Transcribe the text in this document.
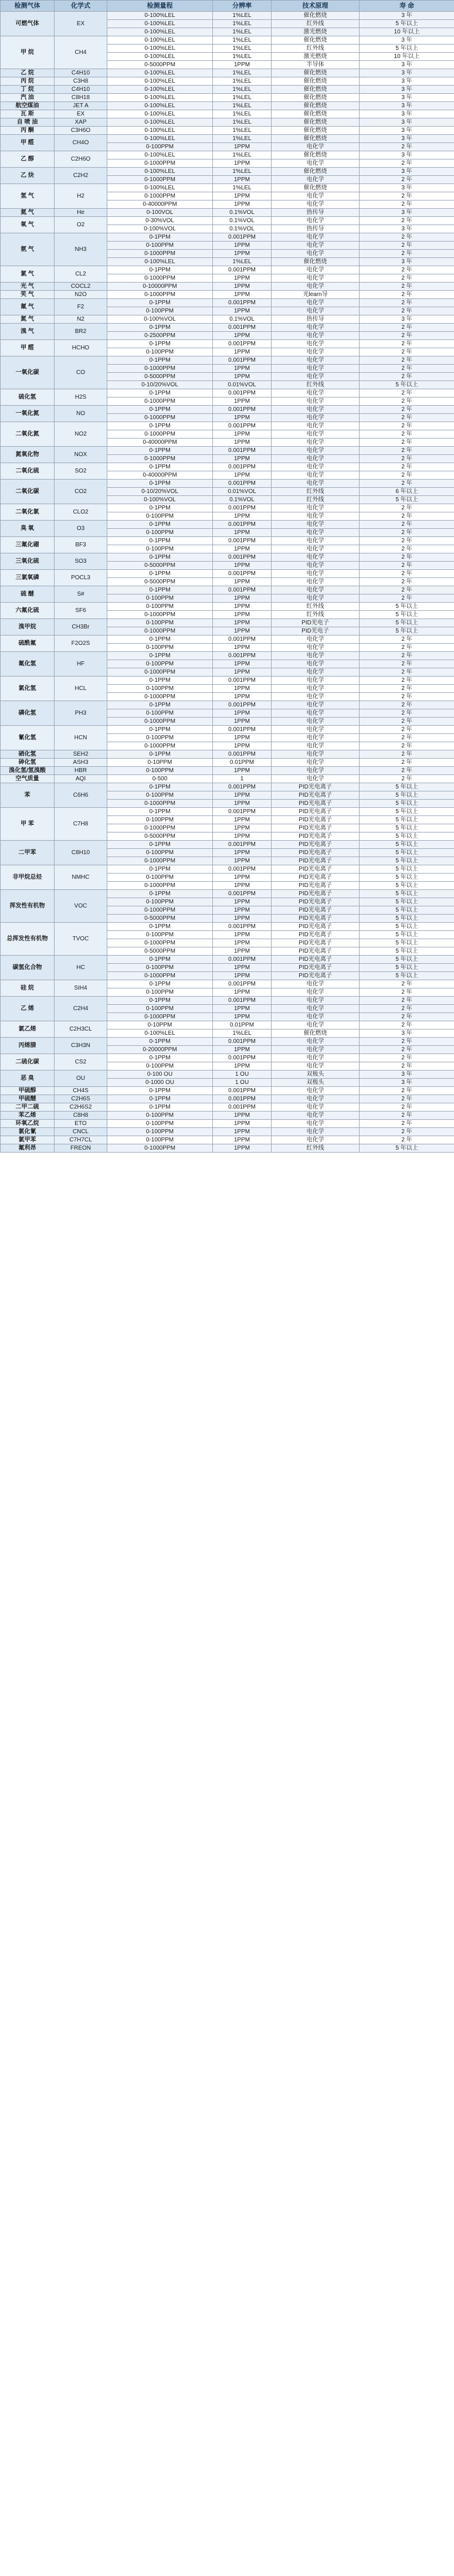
检测气体	化学式	检测量程	分辨率	技术原理	寿 命
可燃气体	EX	0-100%LEL	1%LEL	催化燃烧	3 年
		0-100%LEL	1%LEL	红外线	5 年以上
		0-100%LEL	1%LEL	激光燃烧	10 年以上
甲 烷	CH4	0-100%LEL	1%LEL	催化燃烧	3 年
		0-100%LEL	1%LEL	红外线	5 年以上
		0-100%LEL	1%LEL	激光燃烧	10 年以上
		0-5000PPM	1PPM	半导体	3 年
乙 烷	C4H10	0-100%LEL	1%LEL	催化燃烧	3 年
丙 烷	C3H8	0-100%LEL	1%LEL	催化燃烧	3 年
丁 烷	C4H10	0-100%LEL	1%LEL	催化燃烧	3 年
汽 油	C8H18	0-100%LEL	1%LEL	催化燃烧	3 年
航空煤油	JET A	0-100%LEL	1%LEL	催化燃烧	3 年
瓦 斯	EX	0-100%LEL	1%LEL	催化燃烧	3 年
自 喷 油	XAP	0-100%LEL	1%LEL	催化燃烧	3 年
丙 酮	C3H6O	0-100%LEL	1%LEL	催化燃烧	3 年
甲 醛	CH4O	0-100%LEL	1%LEL	催化燃烧	3 年
		0-100PPM	1PPM	电化学	2 年
乙 醇	C2H6O	0-100%LEL	1%LEL	催化燃烧	3 年
		0-1000PPM	1PPM	电化学	2 年
乙 炔	C2H2	0-100%LEL	1%LEL	催化燃烧	3 年
		0-1000PPM	1PPM	电化学	2 年
氢 气	H2	0-100%LEL	1%LEL	催化燃烧	3 年
		0-1000PPM	1PPM	电化学	2 年
		0-40000PPM	1PPM	电化学	2 年
氦 气	He	0-100VOL	0.1%VOL	热传导	3 年
氧 气	O2	0-30%VOL	0.1%VOL	电化学	2 年
		0-100%VOL	0.1%VOL	热传导	3 年
氨 气	NH3	0-1PPM	0.001PPM	电化学	2 年
		0-100PPM	1PPM	电化学	2 年
		0-1000PPM	1PPM	电化学	2 年
		0-100%LEL	1%LEL	催化燃烧	3 年
氯 气	CL2	0-1PPM	0.001PPM	电化学	2 年
		0-1000PPM	1PPM	电化学	2 年
光 气	COCL2	0-10000PPM	1PPM	电化学	2 年
笑 气	N2O	0-1000PPM	1PPM	光learn导	2 年
氟 气	F2	0-1PPM	0.001PPM	电化学	2 年
		0-100PPM	1PPM	电化学	2 年
氮 气	N2	0-100%VOL	0.1%VOL	热传导	3 年
溴 气	BR2	0-1PPM	0.001PPM	电化学	2 年
		0-2500PPM	1PPM	电化学	2 年
甲 醛	HCHO	0-1PPM	0.001PPM	电化学	2 年
		0-100PPM	1PPM	电化学	2 年
一氧化碳	CO	0-1PPM	0.001PPM	电化学	2 年
		0-1000PPM	1PPM	电化学	2 年
		0-5000PPM	1PPM	电化学	2 年
		0-10/20%VOL	0.01%VOL	红外线	5 年以上
硫化氢	H2S	0-1PPM	0.001PPM	电化学	2 年
		0-1000PPM	1PPM	电化学	2 年
一氧化氮	NO	0-1PPM	0.001PPM	电化学	2 年
		0-1000PPM	1PPM	电化学	2 年
二氧化氮	NO2	0-1PPM	0.001PPM	电化学	2 年
		0-1000PPM	1PPM	电化学	2 年
		0-40000PPM	1PPM	电化学	2 年
氮氧化物	NOX	0-1PPM	0.001PPM	电化学	2 年
		0-1000PPM	1PPM	电化学	2 年
二氧化硫	SO2	0-1PPM	0.001PPM	电化学	2 年
		0-40000PPM	1PPM	电化学	2 年
二氧化碳	CO2	0-1PPM	0.001PPM	电化学	2 年
		0-10/20%VOL	0.01%VOL	红外线	6 年以上
		0-100%VOL	0.1%VOL	红外线	5 年以上
二氧化氯	CLO2	0-1PPM	0.001PPM	电化学	2 年
		0-100PPM	1PPM	电化学	2 年
臭 氧	O3	0-1PPM	0.001PPM	电化学	2 年
		0-100PPM	1PPM	电化学	2 年
三氟化硼	BF3	0-1PPM	0.001PPM	电化学	2 年
		0-100PPM	1PPM	电化学	2 年
三氧化硫	SO3	0-1PPM	0.001PPM	电化学	2 年
		0-5000PPM	1PPM	电化学	2 年
三氯氧磷	POCL3	0-1PPM	0.001PPM	电化学	2 年
		0-5000PPM	1PPM	电化学	2 年
硫 醚	S#	0-1PPM	0.001PPM	电化学	2 年
		0-100PPM	1PPM	电化学	2 年
六氟化硫	SF6	0-100PPM	1PPM	红外线	5 年以上
		0-1000PPM	1PPM	红外线	5 年以上
溴甲烷	CH3Br	0-100PPM	1PPM	PID光电子	5 年以上
		0-1000PPM	1PPM	PID光电子	5 年以上
硫酰氟	F2O2S	0-1PPM	0.001PPM	电化学	2 年
		0-100PPM	1PPM	电化学	2 年
氟化氢	HF	0-1PPM	0.001PPM	电化学	2 年
		0-100PPM	1PPM	电化学	2 年
		0-1000PPM	1PPM	电化学	2 年
氯化氢	HCL	0-1PPM	0.001PPM	电化学	2 年
		0-100PPM	1PPM	电化学	2 年
		0-1000PPM	1PPM	电化学	2 年
磷化氢	PH3	0-1PPM	0.001PPM	电化学	2 年
		0-100PPM	1PPM	电化学	2 年
		0-1000PPM	1PPM	电化学	2 年
氰化氢	HCN	0-1PPM	0.001PPM	电化学	2 年
		0-100PPM	1PPM	电化学	2 年
		0-1000PPM	1PPM	电化学	2 年
硒化氢	SEH2	0-1PPM	0.001PPM	电化学	2 年
砷化氢	ASH3	0-10PPM	0.01PPM	电化学	2 年
溴化氢/氢溴酸	HBR	0-100PPM	1PPM	电化学	2 年
空气质量	AQI	0-500	1	电化学	2 年
苯	C6H6	0-1PPM	0.001PPM	PID光电离子	5 年以上
		0-100PPM	1PPM	PID光电离子	5 年以上
		0-1000PPM	1PPM	PID光电离子	5 年以上
甲 苯	C7H8	0-1PPM	0.001PPM	PID光电离子	5 年以上
		0-100PPM	1PPM	PID光电离子	5 年以上
		0-1000PPM	1PPM	PID光电离子	5 年以上
		0-5000PPM	1PPM	PID光电离子	5 年以上
二甲苯	C8H10	0-1PPM	0.001PPM	PID光电离子	5 年以上
		0-100PPM	1PPM	PID光电离子	5 年以上
		0-1000PPM	1PPM	PID光电离子	5 年以上
非甲烷总烃	NMHC	0-1PPM	0.001PPM	PID光电离子	5 年以上
		0-100PPM	1PPM	PID光电离子	5 年以上
		0-1000PPM	1PPM	PID光电离子	5 年以上
挥发性有机物	VOC	0-1PPM	0.001PPM	PID光电离子	5 年以上
		0-100PPM	1PPM	PID光电离子	5 年以上
		0-1000PPM	1PPM	PID光电离子	5 年以上
		0-5000PPM	1PPM	PID光电离子	5 年以上
总挥发性有机物	TVOC	0-1PPM	0.001PPM	PID光电离子	5 年以上
		0-100PPM	1PPM	PID光电离子	5 年以上
		0-1000PPM	1PPM	PID光电离子	5 年以上
		0-5000PPM	1PPM	PID光电离子	5 年以上
碳氢化合物	HC	0-1PPM	0.001PPM	PID光电离子	5 年以上
		0-100PPM	1PPM	PID光电离子	5 年以上
		0-1000PPM	1PPM	PID光电离子	5 年以上
硅 烷	SIH4	0-1PPM	0.001PPM	电化学	2 年
		0-100PPM	1PPM	电化学	2 年
乙 烯	C2H4	0-1PPM	0.001PPM	电化学	2 年
		0-100PPM	1PPM	电化学	2 年
		0-1000PPM	1PPM	电化学	2 年
氯乙烯	C2H3CL	0-10PPM	0.01PPM	电化学	2 年
		0-100%LEL	1%LEL	催化燃烧	3 年
丙烯腈	C3H3N	0-1PPM	0.001PPM	电化学	2 年
		0-20000PPM	1PPM	电化学	2 年
二硫化碳	CS2	0-1PPM	0.001PPM	电化学	2 年
		0-100PPM	1PPM	电化学	2 年
恶 臭	OU	0-100 OU	1 OU	双极头	3 年
		0-1000 OU	1 OU	双极头	3 年
甲硫醇	CH4S	0-1PPM	0.001PPM	电化学	2 年
甲硫醚	C2H6S	0-1PPM	0.001PPM	电化学	2 年
二甲二硫	C2H6S2	0-1PPM	0.001PPM	电化学	2 年
苯乙烯	C8H8	0-100PPM	1PPM	电化学	2 年
环氧乙烷	ETO	0-100PPM	1PPM	电化学	2 年
氯化氰	CNCL	0-100PPM	1PPM	电化学	2 年
氯甲苯	C7H7CL	0-100PPM	1PPM	电化学	2 年
氟利昂	FREON	0-1000PPM	1PPM	红外线	5 年以上
